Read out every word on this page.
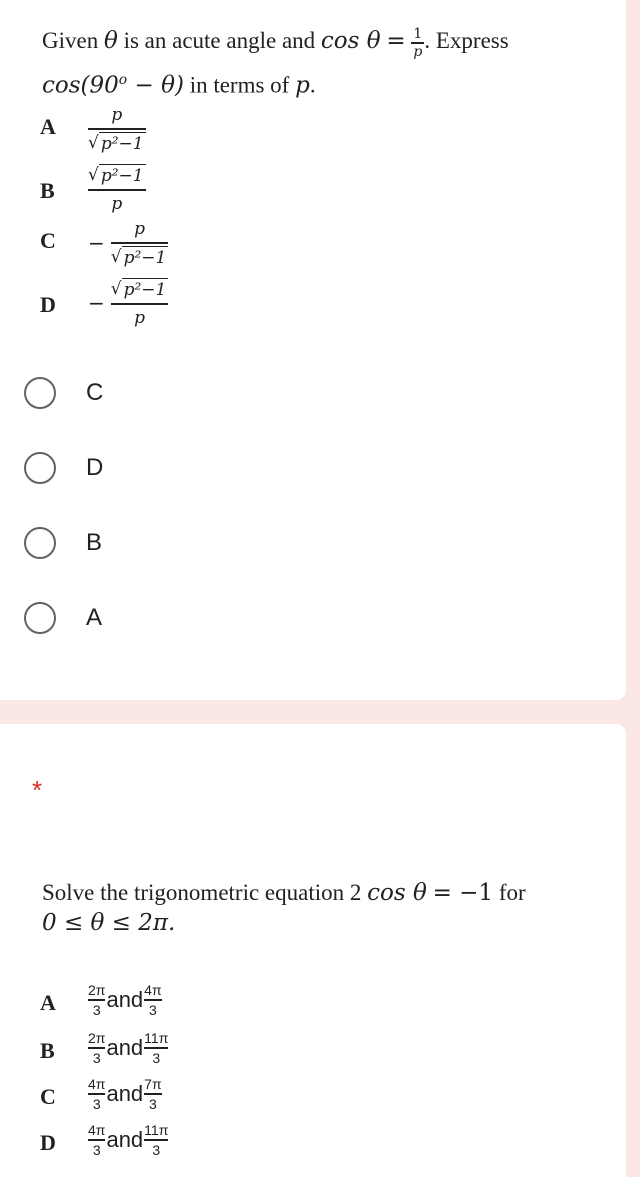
Given θ is an acute angle and $\cos \theta = \frac{1}{p}$ . Express
$\cos(90^o - \theta)$ in terms of p.
A $\frac{p}{\text{√ p²−1}}$
B $\frac{\text{√ p²−1}}{p}$
$C - \frac{p}{\text{√ p²−1}}$
$D - \frac{\text{√ p²−1}}{p}$
C
D
B
A
*
Solve the trigonometric equation 2 cos θ = −1 for
0 ≤ θ ≤ 2π.
A $\frac{2\pi}{3}$ and $\frac{4\pi}{3}$
B $\frac{2\pi}{3}$ and $\frac{11\pi}{3}$
C $\frac{4\pi}{3}$ and $\frac{7\pi}{3}$
D $\frac{4\pi}{3}$ and $\frac{11\pi}{3}$
